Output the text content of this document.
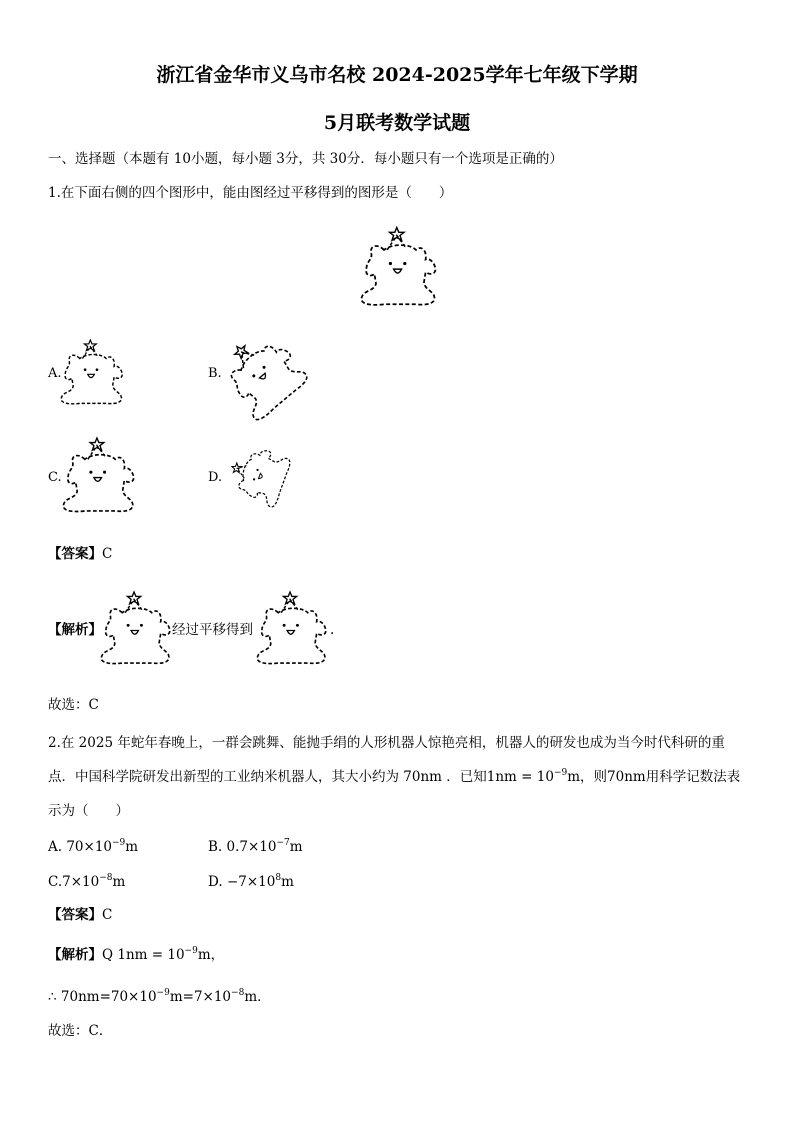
浙江省金华市义乌市名校 2024-2025学年七年级下学期
5月联考数学试题
一、选择题（本题有 10小题，每小题 3分，共 30分．每小题只有一个选项是正确的）
1.在下面右侧的四个图形中，能由图经过平移得到的图形是（　　）
A.	B.
C.	D.
【答案】C
【解析】	经过平移得到	.
故选：C
2.在 2025 年蛇年春晚上，一群会跳舞、能抛手绢的人形机器人惊艳亮相，机器人的研发也成为当今时代科研的重
点．中国科学院研发出新型的工业纳米机器人，其大小约为 70nm ．已知$1nm = 10^{-9}m$，则70nm用科学记数法表
示为（　　）
A. $70\times 10^{-9}m$	B. $0.7\times 10^{-7}m$
$C.7\times 10^{-8}m$	D. $-7\times 10^8m$
【答案】C
【解析】Q $1nm = 10^{-9}m$，
∴ $70nm=70\times 10^{-9}m=7\times 10^{-8}m$．
故选：C．
